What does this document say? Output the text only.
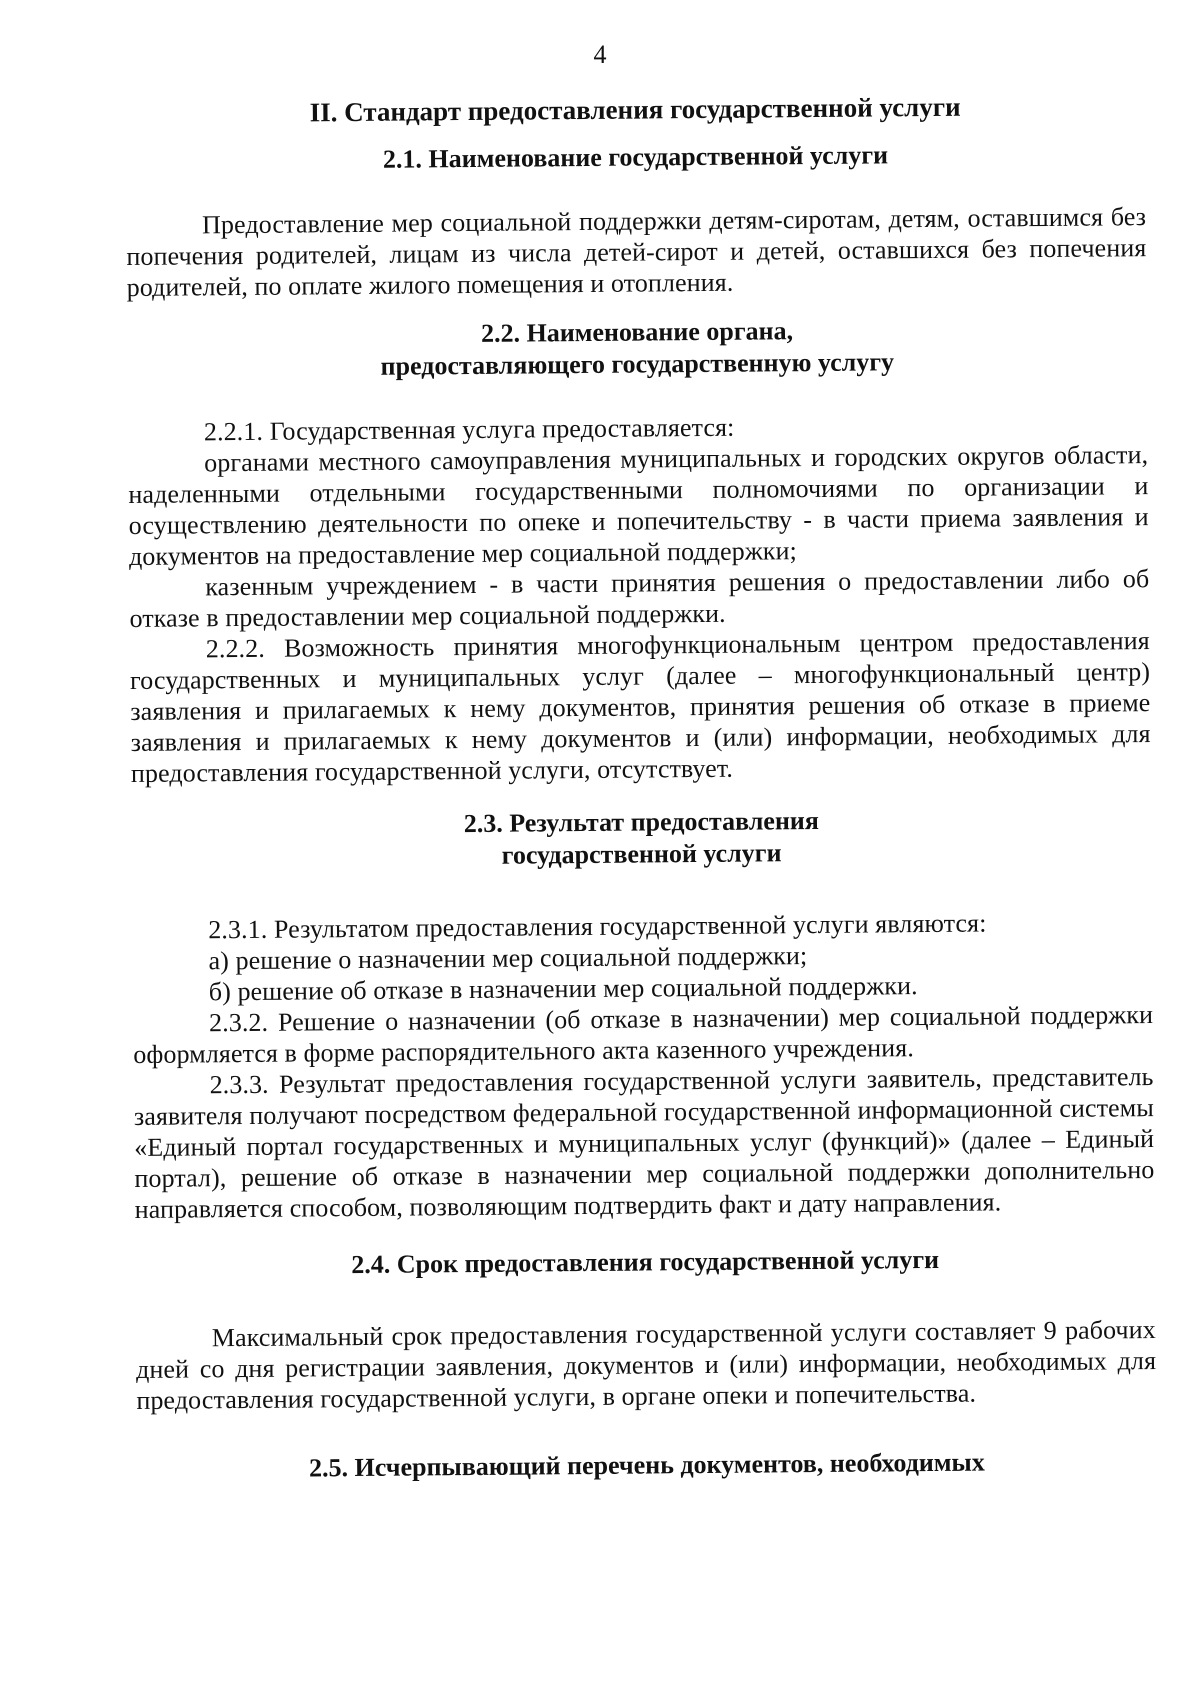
4
II. Стандарт предоставления государственной услуги
2.1. Наименование государственной услуги

Предоставление мер социальной поддержки детям-сиротам, детям, оставшимся без попечения родителей, лицам из числа детей-сирот и детей, оставшихся без попечения родителей, по оплате жилого помещения и отопления.

2.2. Наименование органа,
предоставляющего государственную услугу

2.2.1. Государственная услуга предоставляется:

органами местного самоуправления муниципальных и городских округов области, наделенными отдельными государственными полномочиями по организации и осуществлению деятельности по опеке и попечительству - в части приема заявления и документов на предоставление мер социальной поддержки;

казенным учреждением - в части принятия решения о предоставлении либо об отказе в предоставлении мер социальной поддержки.

2.2.2. Возможность принятия многофункциональным центром предоставления государственных и муниципальных услуг (далее – многофункциональный центр) заявления и прилагаемых к нему документов, принятия решения об отказе в приеме заявления и прилагаемых к нему документов и (или) информации, необходимых для предоставления государственной услуги, отсутствует.

2.3. Результат предоставления
государственной услуги

2.3.1. Результатом предоставления государственной услуги являются:

а) решение о назначении мер социальной поддержки;

б) решение об отказе в назначении мер социальной поддержки.

2.3.2. Решение о назначении (об отказе в назначении) мер социальной поддержки оформляется в форме распорядительного акта казенного учреждения.

2.3.3. Результат предоставления государственной услуги заявитель, представитель заявителя получают посредством федеральной государственной информационной системы «Единый портал государственных и муниципальных услуг (функций)» (далее – Единый портал), решение об отказе в назначении мер социальной поддержки дополнительно направляется способом, позволяющим подтвердить факт и дату направления.

2.4. Срок предоставления государственной услуги

Максимальный срок предоставления государственной услуги составляет 9 рабочих дней со дня регистрации заявления, документов и (или) информации, необходимых для предоставления государственной услуги, в органе опеки и попечительства.

2.5. Исчерпывающий перечень документов, необходимых
